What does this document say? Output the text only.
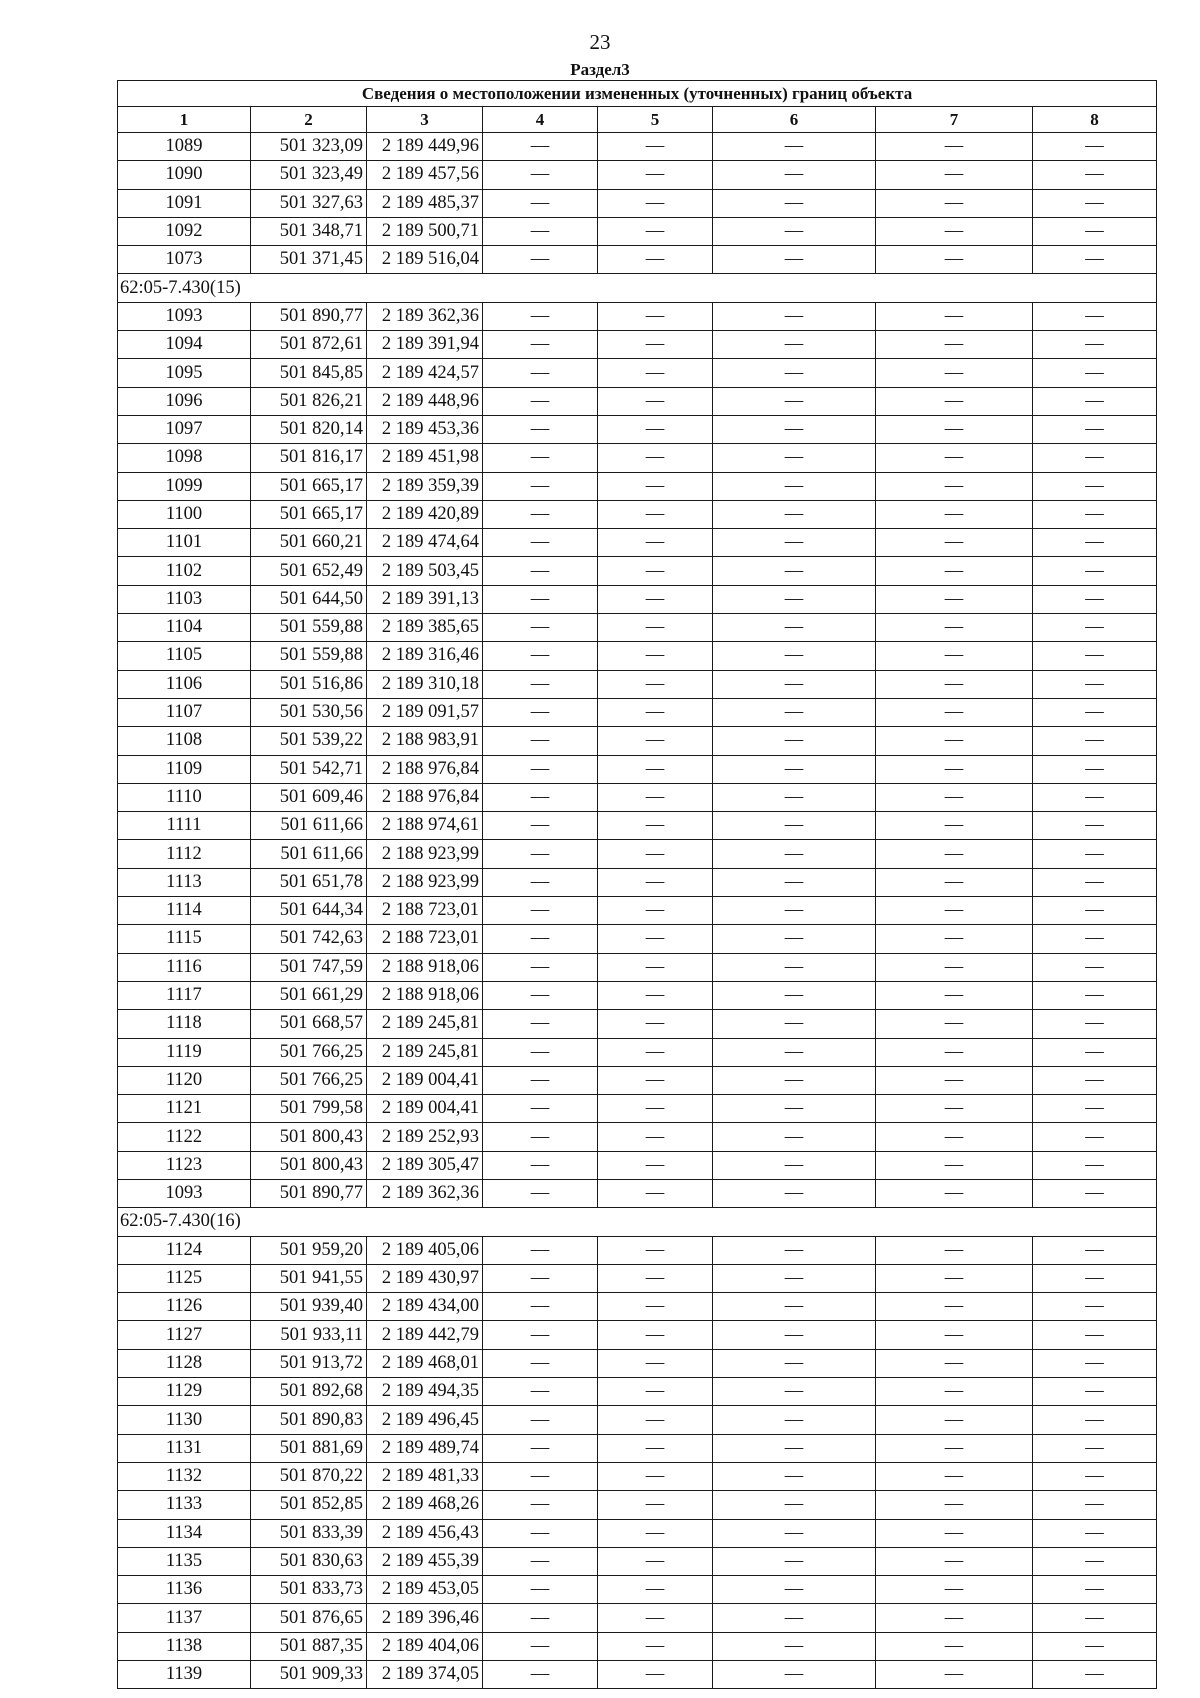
23
Раздел3
Сведения о местоположении измененных (уточненных) границ объекта							
1	2	3	4	5	6	7	8
1089	501 323,09	2 189 449,96	—	—	—	—	—
1090	501 323,49	2 189 457,56	—	—	—	—	—
1091	501 327,63	2 189 485,37	—	—	—	—	—
1092	501 348,71	2 189 500,71	—	—	—	—	—
1073	501 371,45	2 189 516,04	—	—	—	—	—
62:05-7.430(15)							
1093	501 890,77	2 189 362,36	—	—	—	—	—
1094	501 872,61	2 189 391,94	—	—	—	—	—
1095	501 845,85	2 189 424,57	—	—	—	—	—
1096	501 826,21	2 189 448,96	—	—	—	—	—
1097	501 820,14	2 189 453,36	—	—	—	—	—
1098	501 816,17	2 189 451,98	—	—	—	—	—
1099	501 665,17	2 189 359,39	—	—	—	—	—
1100	501 665,17	2 189 420,89	—	—	—	—	—
1101	501 660,21	2 189 474,64	—	—	—	—	—
1102	501 652,49	2 189 503,45	—	—	—	—	—
1103	501 644,50	2 189 391,13	—	—	—	—	—
1104	501 559,88	2 189 385,65	—	—	—	—	—
1105	501 559,88	2 189 316,46	—	—	—	—	—
1106	501 516,86	2 189 310,18	—	—	—	—	—
1107	501 530,56	2 189 091,57	—	—	—	—	—
1108	501 539,22	2 188 983,91	—	—	—	—	—
1109	501 542,71	2 188 976,84	—	—	—	—	—
1110	501 609,46	2 188 976,84	—	—	—	—	—
1111	501 611,66	2 188 974,61	—	—	—	—	—
1112	501 611,66	2 188 923,99	—	—	—	—	—
1113	501 651,78	2 188 923,99	—	—	—	—	—
1114	501 644,34	2 188 723,01	—	—	—	—	—
1115	501 742,63	2 188 723,01	—	—	—	—	—
1116	501 747,59	2 188 918,06	—	—	—	—	—
1117	501 661,29	2 188 918,06	—	—	—	—	—
1118	501 668,57	2 189 245,81	—	—	—	—	—
1119	501 766,25	2 189 245,81	—	—	—	—	—
1120	501 766,25	2 189 004,41	—	—	—	—	—
1121	501 799,58	2 189 004,41	—	—	—	—	—
1122	501 800,43	2 189 252,93	—	—	—	—	—
1123	501 800,43	2 189 305,47	—	—	—	—	—
1093	501 890,77	2 189 362,36	—	—	—	—	—
62:05-7.430(16)							
1124	501 959,20	2 189 405,06	—	—	—	—	—
1125	501 941,55	2 189 430,97	—	—	—	—	—
1126	501 939,40	2 189 434,00	—	—	—	—	—
1127	501 933,11	2 189 442,79	—	—	—	—	—
1128	501 913,72	2 189 468,01	—	—	—	—	—
1129	501 892,68	2 189 494,35	—	—	—	—	—
1130	501 890,83	2 189 496,45	—	—	—	—	—
1131	501 881,69	2 189 489,74	—	—	—	—	—
1132	501 870,22	2 189 481,33	—	—	—	—	—
1133	501 852,85	2 189 468,26	—	—	—	—	—
1134	501 833,39	2 189 456,43	—	—	—	—	—
1135	501 830,63	2 189 455,39	—	—	—	—	—
1136	501 833,73	2 189 453,05	—	—	—	—	—
1137	501 876,65	2 189 396,46	—	—	—	—	—
1138	501 887,35	2 189 404,06	—	—	—	—	—
1139	501 909,33	2 189 374,05	—	—	—	—	—
